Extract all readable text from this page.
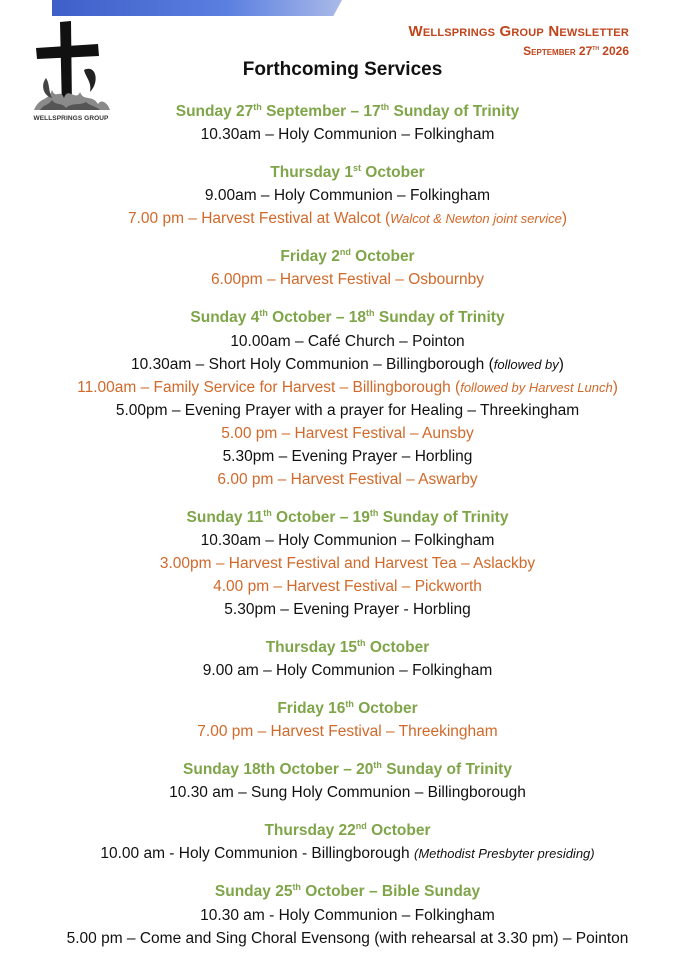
WELLSPRINGS GROUP
Wellsprings Group Newsletter
September 27th 2026
Forthcoming Services
Sunday 27th September – 17th Sunday of Trinity
10.30am – Holy Communion – Folkingham
Thursday 1st October
9.00am – Holy Communion – Folkingham
7.00 pm – Harvest Festival at Walcot (Walcot & Newton joint service)
Friday 2nd October
6.00pm – Harvest Festival – Osbournby
Sunday 4th October – 18th Sunday of Trinity
10.00am – Café Church – Pointon
10.30am – Short Holy Communion – Billingborough (followed by)
11.00am – Family Service for Harvest – Billingborough (followed by Harvest Lunch)
5.00pm – Evening Prayer with a prayer for Healing – Threekingham
5.00 pm – Harvest Festival – Aunsby
5.30pm – Evening Prayer – Horbling
6.00 pm – Harvest Festival – Aswarby
Sunday 11th October – 19th Sunday of Trinity
10.30am – Holy Communion – Folkingham
3.00pm – Harvest Festival and Harvest Tea – Aslackby
4.00 pm – Harvest Festival – Pickworth
5.30pm – Evening Prayer - Horbling
Thursday 15th October
9.00 am – Holy Communion – Folkingham
Friday 16th October
7.00 pm – Harvest Festival – Threekingham
Sunday 18th October – 20th Sunday of Trinity
10.30 am – Sung Holy Communion – Billingborough
Thursday 22nd October
10.00 am - Holy Communion - Billingborough (Methodist Presbyter presiding)
Sunday 25th October – Bible Sunday
10.30 am - Holy Communion – Folkingham
5.00 pm – Come and Sing Choral Evensong (with rehearsal at 3.30 pm) – Pointon
